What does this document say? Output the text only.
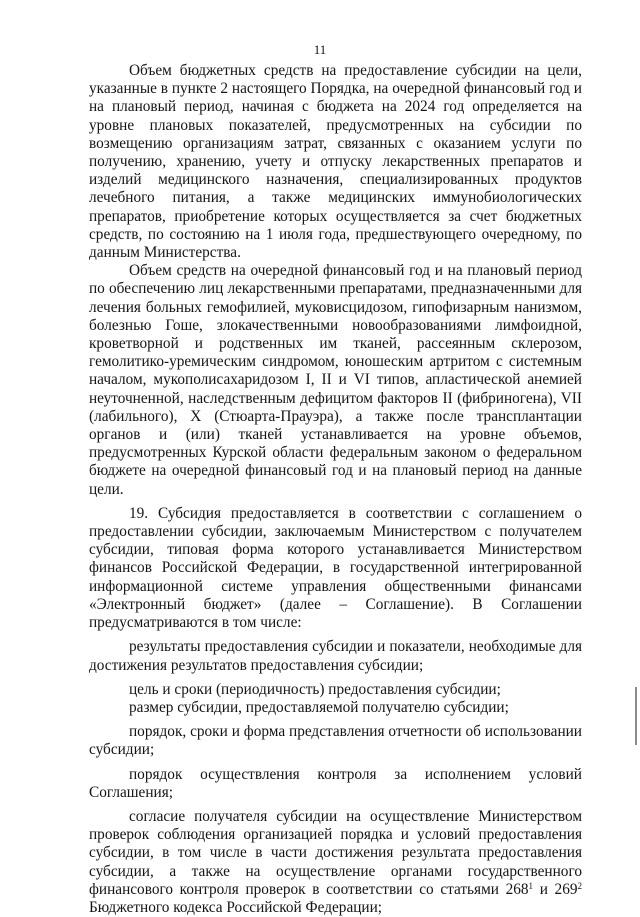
11

Объем бюджетных средств на предоставление субсидии на цели, указанные в пункте 2 настоящего Порядка, на очередной финансовый год и на плановый период, начиная с бюджета на 2024 год определяется на уровне плановых показателей, предусмотренных на субсидии по возмещению организациям затрат, связанных с оказанием услуги по получению, хранению, учету и отпуску лекарственных препаратов и изделий медицинского назначения, специализированных продуктов лечебного питания, а также медицинских иммунобиологических препаратов, приобретение которых осуществляется за счет бюджетных средств, по состоянию на 1 июля года, предшествующего очередному, по данным Министерства.

Объем средств на очередной финансовый год и на плановый период по обеспечению лиц лекарственными препаратами, предназначенными для лечения больных гемофилией, муковисцидозом, гипофизарным нанизмом, болезнью Гоше, злокачественными новообразованиями лимфоидной, кроветворной и родственных им тканей, рассеянным склерозом, гемолитико-уремическим синдромом, юношеским артритом с системным началом, мукополисахаридозом I, II и VI типов, апластической анемией неуточненной, наследственным дефицитом факторов II (фибриногена), VII (лабильного), X (Стюарта-Прауэра), а также после трансплантации органов и (или) тканей устанавливается на уровне объемов, предусмотренных Курской области федеральным законом о федеральном бюджете на очередной финансовый год и на плановый период на данные цели.

19. Субсидия предоставляется в соответствии с соглашением о предоставлении субсидии, заключаемым Министерством с получателем субсидии, типовая форма которого устанавливается Министерством финансов Российской Федерации, в государственной интегрированной информационной системе управления общественными финансами «Электронный бюджет» (далее – Соглашение). В Соглашении предусматриваются в том числе:

результаты предоставления субсидии и показатели, необходимые для достижения результатов предоставления субсидии;

цель и сроки (периодичность) предоставления субсидии;

размер субсидии, предоставляемой получателю субсидии;

порядок, сроки и форма представления отчетности об использовании субсидии;

порядок осуществления контроля за исполнением условий Соглашения;

согласие получателя субсидии на осуществление Министерством проверок соблюдения организацией порядка и условий предоставления субсидии, в том числе в части достижения результата предоставления субсидии, а также на осуществление органами государственного финансового контроля проверок в соответствии со статьями $268^1$ и $269^2$ Бюджетного кодекса Российской Федерации;
